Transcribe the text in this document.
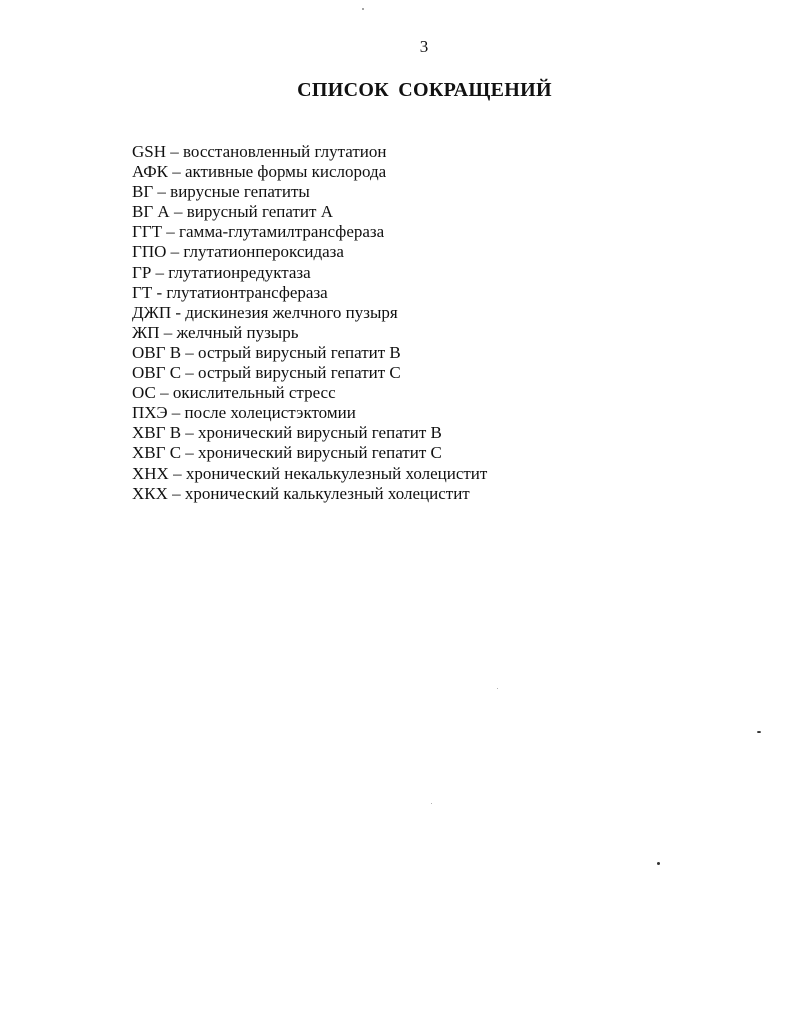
3
СПИСОК СОКРАЩЕНИЙ
GSH – восстановленный глутатион
АФК – активные формы кислорода
ВГ – вирусные гепатиты
ВГ А – вирусный гепатит А
ГГТ – гамма-глутамилтрансфераза
ГПО – глутатионпероксидаза
ГР – глутатионредуктаза
ГТ - глутатионтрансфераза
ДЖП - дискинезия желчного пузыря
ЖП – желчный пузырь
ОВГ В – острый вирусный гепатит В
ОВГ С – острый вирусный гепатит С
ОС – окислительный стресс
ПХЭ – после холецистэктомии
ХВГ В – хронический вирусный гепатит В
ХВГ С – хронический вирусный гепатит С
ХНХ – хронический некалькулезный холецистит
ХКХ – хронический калькулезный холецистит
